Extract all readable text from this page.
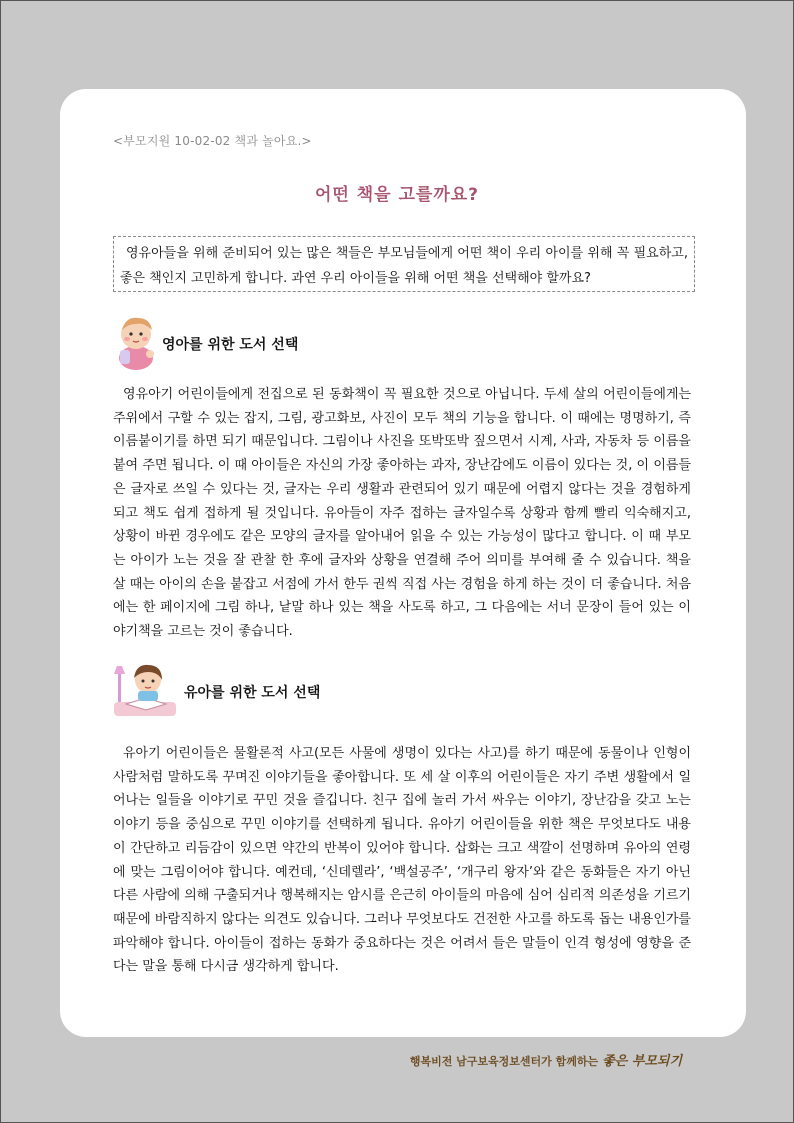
<부모지원 10-02-02 책과 놀아요.>
어떤 책을 고를까요?
영유아들을 위해 준비되어 있는 많은 책들은 부모님들에게 어떤 책이 우리 아이를 위해 꼭 필요하고, 좋은 책인지 고민하게 합니다. 과연 우리 아이들을 위해 어떤 책을 선택해야 할까요?
영아를 위한 도서 선택
영유아기 어린이들에게 전집으로 된 동화책이 꼭 필요한 것으로 아닙니다. 두세 살의 어린이들에게는 주위에서 구할 수 있는 잡지, 그림, 광고화보, 사진이 모두 책의 기능을 합니다. 이 때에는 명명하기, 즉 이름붙이기를 하면 되기 때문입니다. 그림이나 사진을 또박또박 짚으면서 시계, 사과, 자동차 등 이름을 붙여 주면 됩니다. 이 때 아이들은 자신의 가장 좋아하는 과자, 장난감에도 이름이 있다는 것, 이 이름들은 글자로 쓰일 수 있다는 것, 글자는 우리 생활과 관련되어 있기 때문에 어렵지 않다는 것을 경험하게 되고 책도 쉽게 접하게 될 것입니다. 유아들이 자주 접하는 글자일수록 상황과 함께 빨리 익숙해지고, 상황이 바뀐 경우에도 같은 모양의 글자를 알아내어 읽을 수 있는 가능성이 많다고 합니다. 이 때 부모는 아이가 노는 것을 잘 관찰 한 후에 글자와 상황을 연결해 주어 의미를 부여해 줄 수 있습니다. 책을 살 때는 아이의 손을 붙잡고 서점에 가서 한두 권씩 직접 사는 경험을 하게 하는 것이 더 좋습니다. 처음에는 한 페이지에 그림 하나, 낱말 하나 있는 책을 사도록 하고, 그 다음에는 서너 문장이 들어 있는 이야기책을 고르는 것이 좋습니다.
유아를 위한 도서 선택
유아기 어린이들은 물활론적 사고(모든 사물에 생명이 있다는 사고)를 하기 때문에 동물이나 인형이 사람처럼 말하도록 꾸며진 이야기들을 좋아합니다. 또 세 살 이후의 어린이들은 자기 주변 생활에서 일어나는 일들을 이야기로 꾸민 것을 즐깁니다. 친구 집에 놀러 가서 싸우는 이야기, 장난감을 갖고 노는 이야기 등을 중심으로 꾸민 이야기를 선택하게 됩니다. 유아기 어린이들을 위한 책은 무엇보다도 내용이 간단하고 리듬감이 있으면 약간의 반복이 있어야 합니다. 삽화는 크고 색깔이 선명하며 유아의 연령에 맞는 그림이어야 합니다. 예컨데, ‘신데렐라’, ‘백설공주’, ‘개구리 왕자’와 같은 동화들은 자기 아닌 다른 사람에 의해 구출되거나 행복해지는 암시를 은근히 아이들의 마음에 심어 심리적 의존성을 기르기 때문에 바람직하지 않다는 의견도 있습니다. 그러나 무엇보다도 건전한 사고를 하도록 돕는 내용인가를 파악해야 합니다. 아이들이 접하는 동화가 중요하다는 것은 어려서 들은 말들이 인격 형성에 영향을 준다는 말을 통해 다시금 생각하게 합니다.
행복비전 남구보육정보센터가 함께하는 좋은 부모되기
